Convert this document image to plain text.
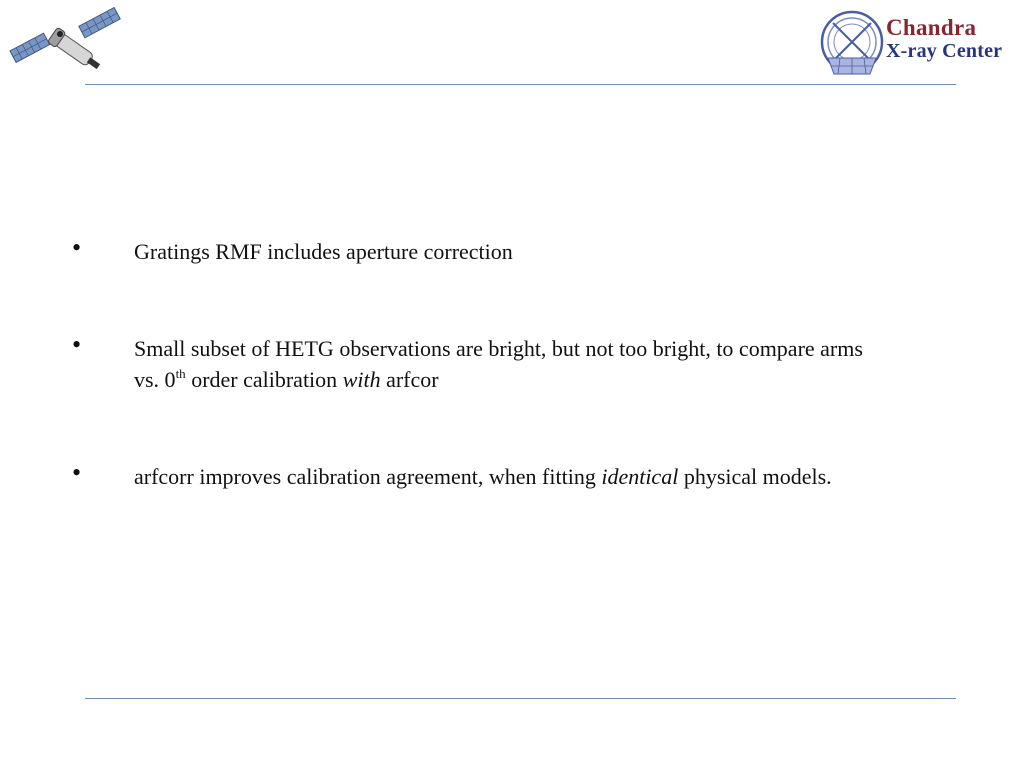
Chandra
X-ray Center
• Gratings RMF includes aperture correction
• Small subset of HETG observations are bright, but not too bright, to compare arms vs. 0th order calibration with arfcor
• arfcorr improves calibration agreement, when fitting identical physical models.
